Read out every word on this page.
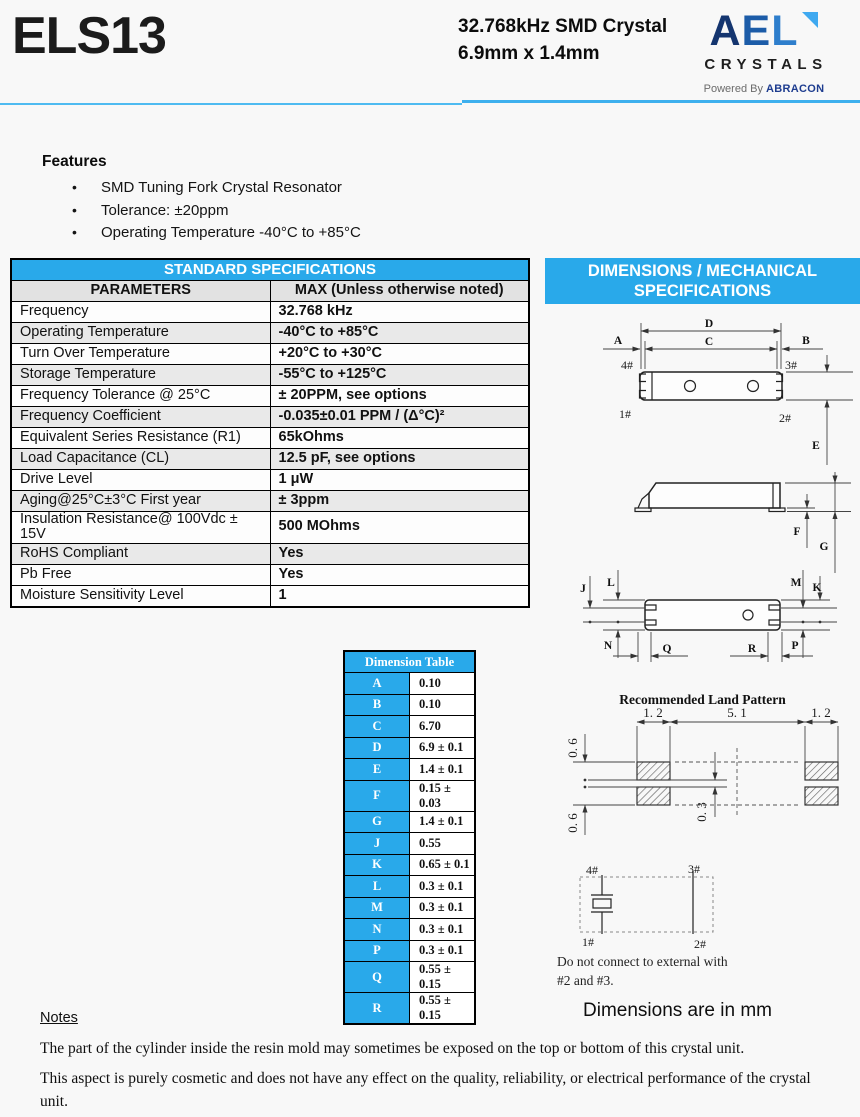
ELS13	32.768kHz SMD Crystal
6.9mm x 1.4mm	A E L
CRYSTALS
Powered By ABRACON
Features
• SMD Tuning Fork Crystal Resonator
• Tolerance: ±20ppm
• Operating Temperature -40°C to +85°C
STANDARD SPECIFICATIONS	
PARAMETERS	MAX (Unless otherwise noted)
Frequency	32.768 kHz
Operating Temperature	-40°C to +85°C
Turn Over Temperature	+20°C to +30°C
Storage Temperature	-55°C to +125°C
Frequency Tolerance @ 25°C	± 20PPM, see options
Frequency Coefficient	-0.035±0.01 PPM / (Δ°C)²
Equivalent Series Resistance (R1)	65kOhms
Load Capacitance (CL)	12.5 pF, see options
Drive Level	1 μW
Aging@25°C±3°C First year	± 3ppm
Insulation Resistance@ 100Vdc ± 15V	500 MOhms
RoHS Compliant	Yes
Pb Free	Yes
Moisture Sensitivity Level	1
DIMENSIONS / MECHANICAL
SPECIFICATIONS
D
C
A	B
4#	3#
1#	2#
E
F
G
J L
N
M K
P
Q	R
Dimension Table	
A	0.10
B	0.10
C	6.70
D	6.9 ± 0.1
E	1.4 ± 0.1
F	0.15 ± 0.03
G	1.4 ± 0.1
J	0.55
K	0.65 ± 0.1
L	0.3 ± 0.1
M	0.3 ± 0.1
N	0.3 ± 0.1
P	0.3 ± 0.1
Q	0.55 ± 0.15
R	0.55 ± 0.15
Recommended Land Pattern
1. 2	5. 1	1. 2
0. 6
0. 6
0. 3
4#	3#
1#	2#
Do not connect to external with
#2 and #3.
Dimensions are in mm
Notes

The part of the cylinder inside the resin mold may sometimes be exposed on the top or bottom of this crystal unit.

This aspect is purely cosmetic and does not have any effect on the quality, reliability, or electrical performance of the crystal unit.
